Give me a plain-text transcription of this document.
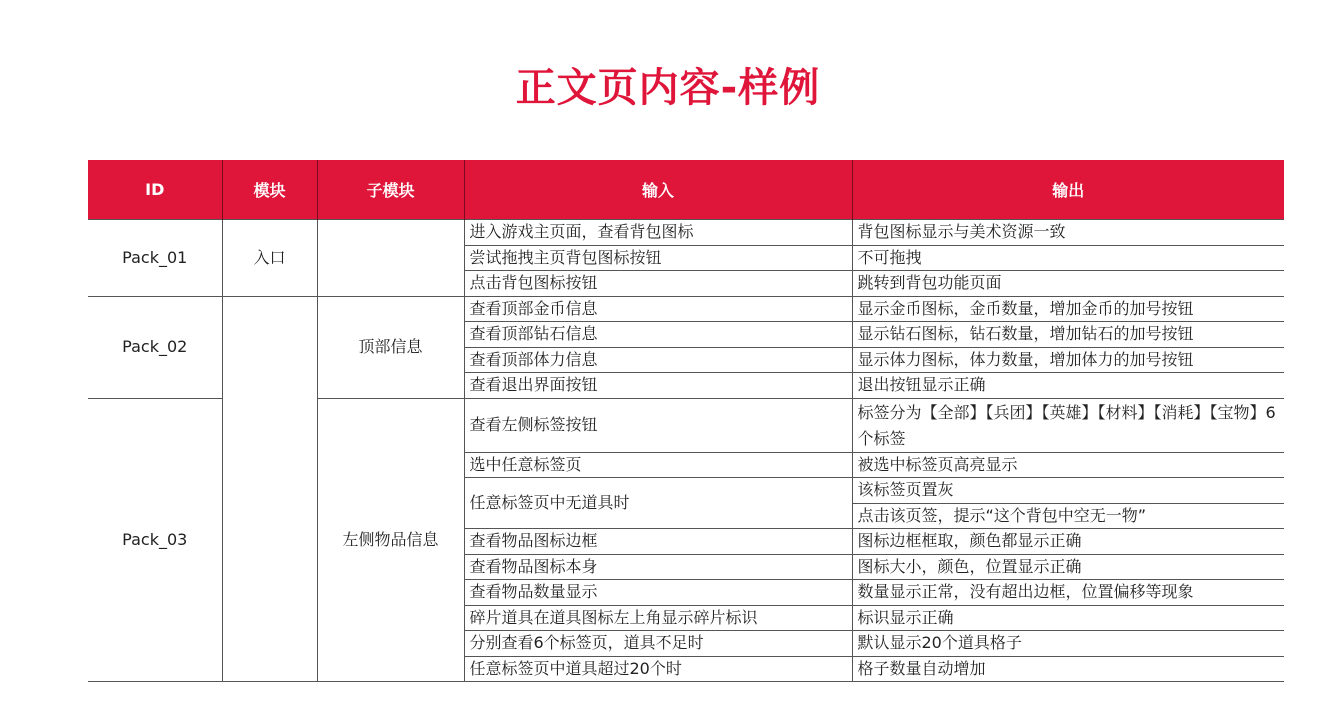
正文页内容-样例
ID	模块	子模块	输入	输出
Pack_01	入口		进入游戏主页面，查看背包图标	背包图标显示与美术资源一致
			尝试拖拽主页背包图标按钮	不可拖拽
			点击背包图标按钮	跳转到背包功能页面
Pack_02		顶部信息	查看顶部金币信息	显示金币图标，金币数量，增加金币的加号按钮
			查看顶部钻石信息	显示钻石图标，钻石数量，增加钻石的加号按钮
			查看顶部体力信息	显示体力图标，体力数量，增加体力的加号按钮
			查看退出界面按钮	退出按钮显示正确
Pack_03		左侧物品信息	查看左侧标签按钮	标签分为【全部】【兵团】【英雄】【材料】【消耗】【宝物】6个标签
			选中任意标签页	被选中标签页高亮显示
			任意标签页中无道具时	该标签页置灰
				点击该页签，提示“这个背包中空无一物”
			查看物品图标边框	图标边框框取，颜色都显示正确
			查看物品图标本身	图标大小，颜色，位置显示正确
			查看物品数量显示	数量显示正常，没有超出边框，位置偏移等现象
			碎片道具在道具图标左上角显示碎片标识	标识显示正确
			分别查看6个标签页，道具不足时	默认显示20个道具格子
			任意标签页中道具超过20个时	格子数量自动增加
